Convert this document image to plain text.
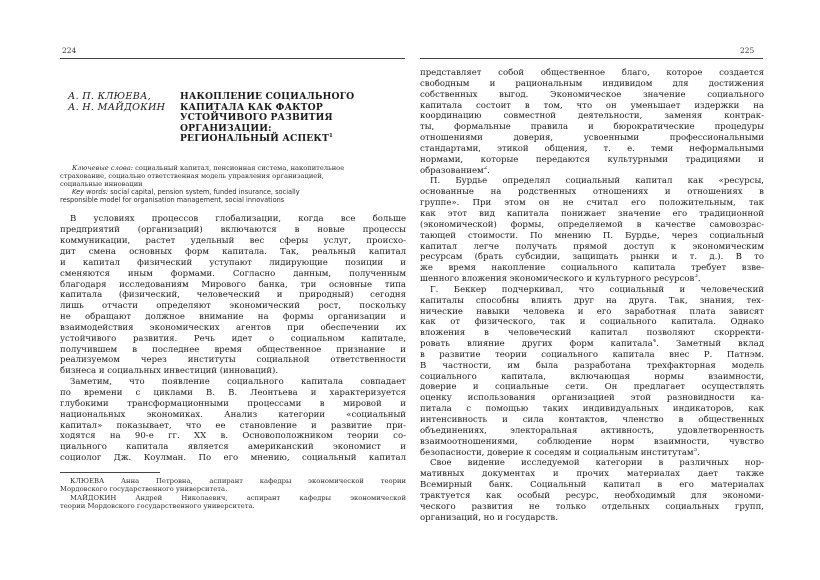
224	225
А. П. КЛЮЕВА,
А. Н. МАЙДОКИН
НАКОПЛЕНИЕ СОЦИАЛЬНОГО
КАПИТАЛА КАК ФАКТОР
УСТОЙЧИВОГО РАЗВИТИЯ
ОРГАНИЗАЦИИ:
РЕГИОНАЛЬНЫЙ АСПЕКТ$^1$
Ключевые слова: социальный капитал, пенсионная система, накопительное
страхование, социально ответственная модель управления организацией,
социальные инновации
Key words: social capital, pension system, funded insurance, socially
responsible model for organisation management, social innovations
В условиях процессов глобализации, когда все больше
предприятий (организаций) включаются в новые процессы
коммуникации, растет удельный вес сферы услуг, происхо-
дит смена основных форм капитала. Так, реальный капитал
и капитал физический уступают лидирующие позиции и
сменяются иным формами. Согласно данным, полученным
благодаря исследованиям Мирового банка, три основные типа
капитала (физический, человеческий и природный) сегодня
лишь отчасти определяют экономический рост, поскольку
не обращают должное внимание на формы организации и
взаимодействия экономических агентов при обеспечении их
устойчивого развития. Речь идет о социальном капитале,
получившем в последнее время общественное признание и
реализуемом через институты социальной ответственности
бизнеса и социальных инвестиций (инноваций).
Заметим, что появление социального капитала совпадает
по времени с циклами В. В. Леонтьева и характеризуется
глубокими трансформационными процессами в мировой и
национальных экономиках. Анализ категории «социальный
капитал» показывает, что ее становление и развитие при-
ходятся на 90-е гг. XX в. Основоположником теории со-
циального капитала является американский экономист и
социолог Дж. Коулман. По его мнению, социальный капитал
КЛЮЕВА Анна Петровна, аспирант кафедры экономической теории
Мордовского государственного университета.
МАЙДОКИН Андрей Николаевич, аспирант кафедры экономической
теории Мордовского государственного университета.
представляет собой общественное благо, которое создается
свободным и рациональным индивидом для достижения
собственных выгод. Экономическое значение социального
капитала состоит в том, что он уменьшает издержки на
координацию совместной деятельности, заменяя контрак-
ты, формальные правила и бюрократические процедуры
отношениями доверия, усвоенными профессиональными
стандартами, этикой общения, т. е. теми неформальными
нормами, которые передаются культурными традициями и
образованием$^2$.
П. Бурдье определял социальный капитал как «ресурсы,
основанные на родственных отношениях и отношениях в
группе». При этом он не считал его положительным, так
как этот вид капитала понижает значение его традиционной
(экономической) формы, определяемой в качестве самовозрас-
тающей стоимости. По мнению П. Бурдье, через социальный
капитал легче получать прямой доступ к экономическим
ресурсам (брать субсидии, защищать рынки и т. д.). В то
же время накопление социального капитала требует взве-
шенного вложения экономического и культурного ресурсов$^3$.
Г. Беккер подчеркивал, что социальный и человеческий
капиталы способны влиять друг на друга. Так, знания, тех-
нические навыки человека и его заработная плата зависят
как от физического, так и социального капитала. Однако
вложения в человеческий капитал позволяют скорректи-
ровать влияние других форм капитала$^4$. Заметный вклад
в развитие теории социального капитала внес Р. Патнэм.
В частности, им была разработана трехфакторная модель
социального капитала, включающая нормы взаимности,
доверие и социальные сети. Он предлагает осуществлять
оценку использования организацией этой разновидности ка-
питала с помощью таких индивидуальных индикаторов, как
интенсивность и сила контактов, членство в общественных
объединениях, электоральная активность, удовлетворенность
взаимоотношениями, соблюдение норм взаимности, чувство
безопасности, доверие к соседям и социальным институтам$^5$.
Свое видение исследуемой категории в различных нор-
мативных документах и прочих материалах дает также
Всемирный банк. Социальный капитал в его материалах
трактуется как особый ресурс, необходимый для экономи-
ческого развития не только отдельных социальных групп,
организаций, но и государств.
